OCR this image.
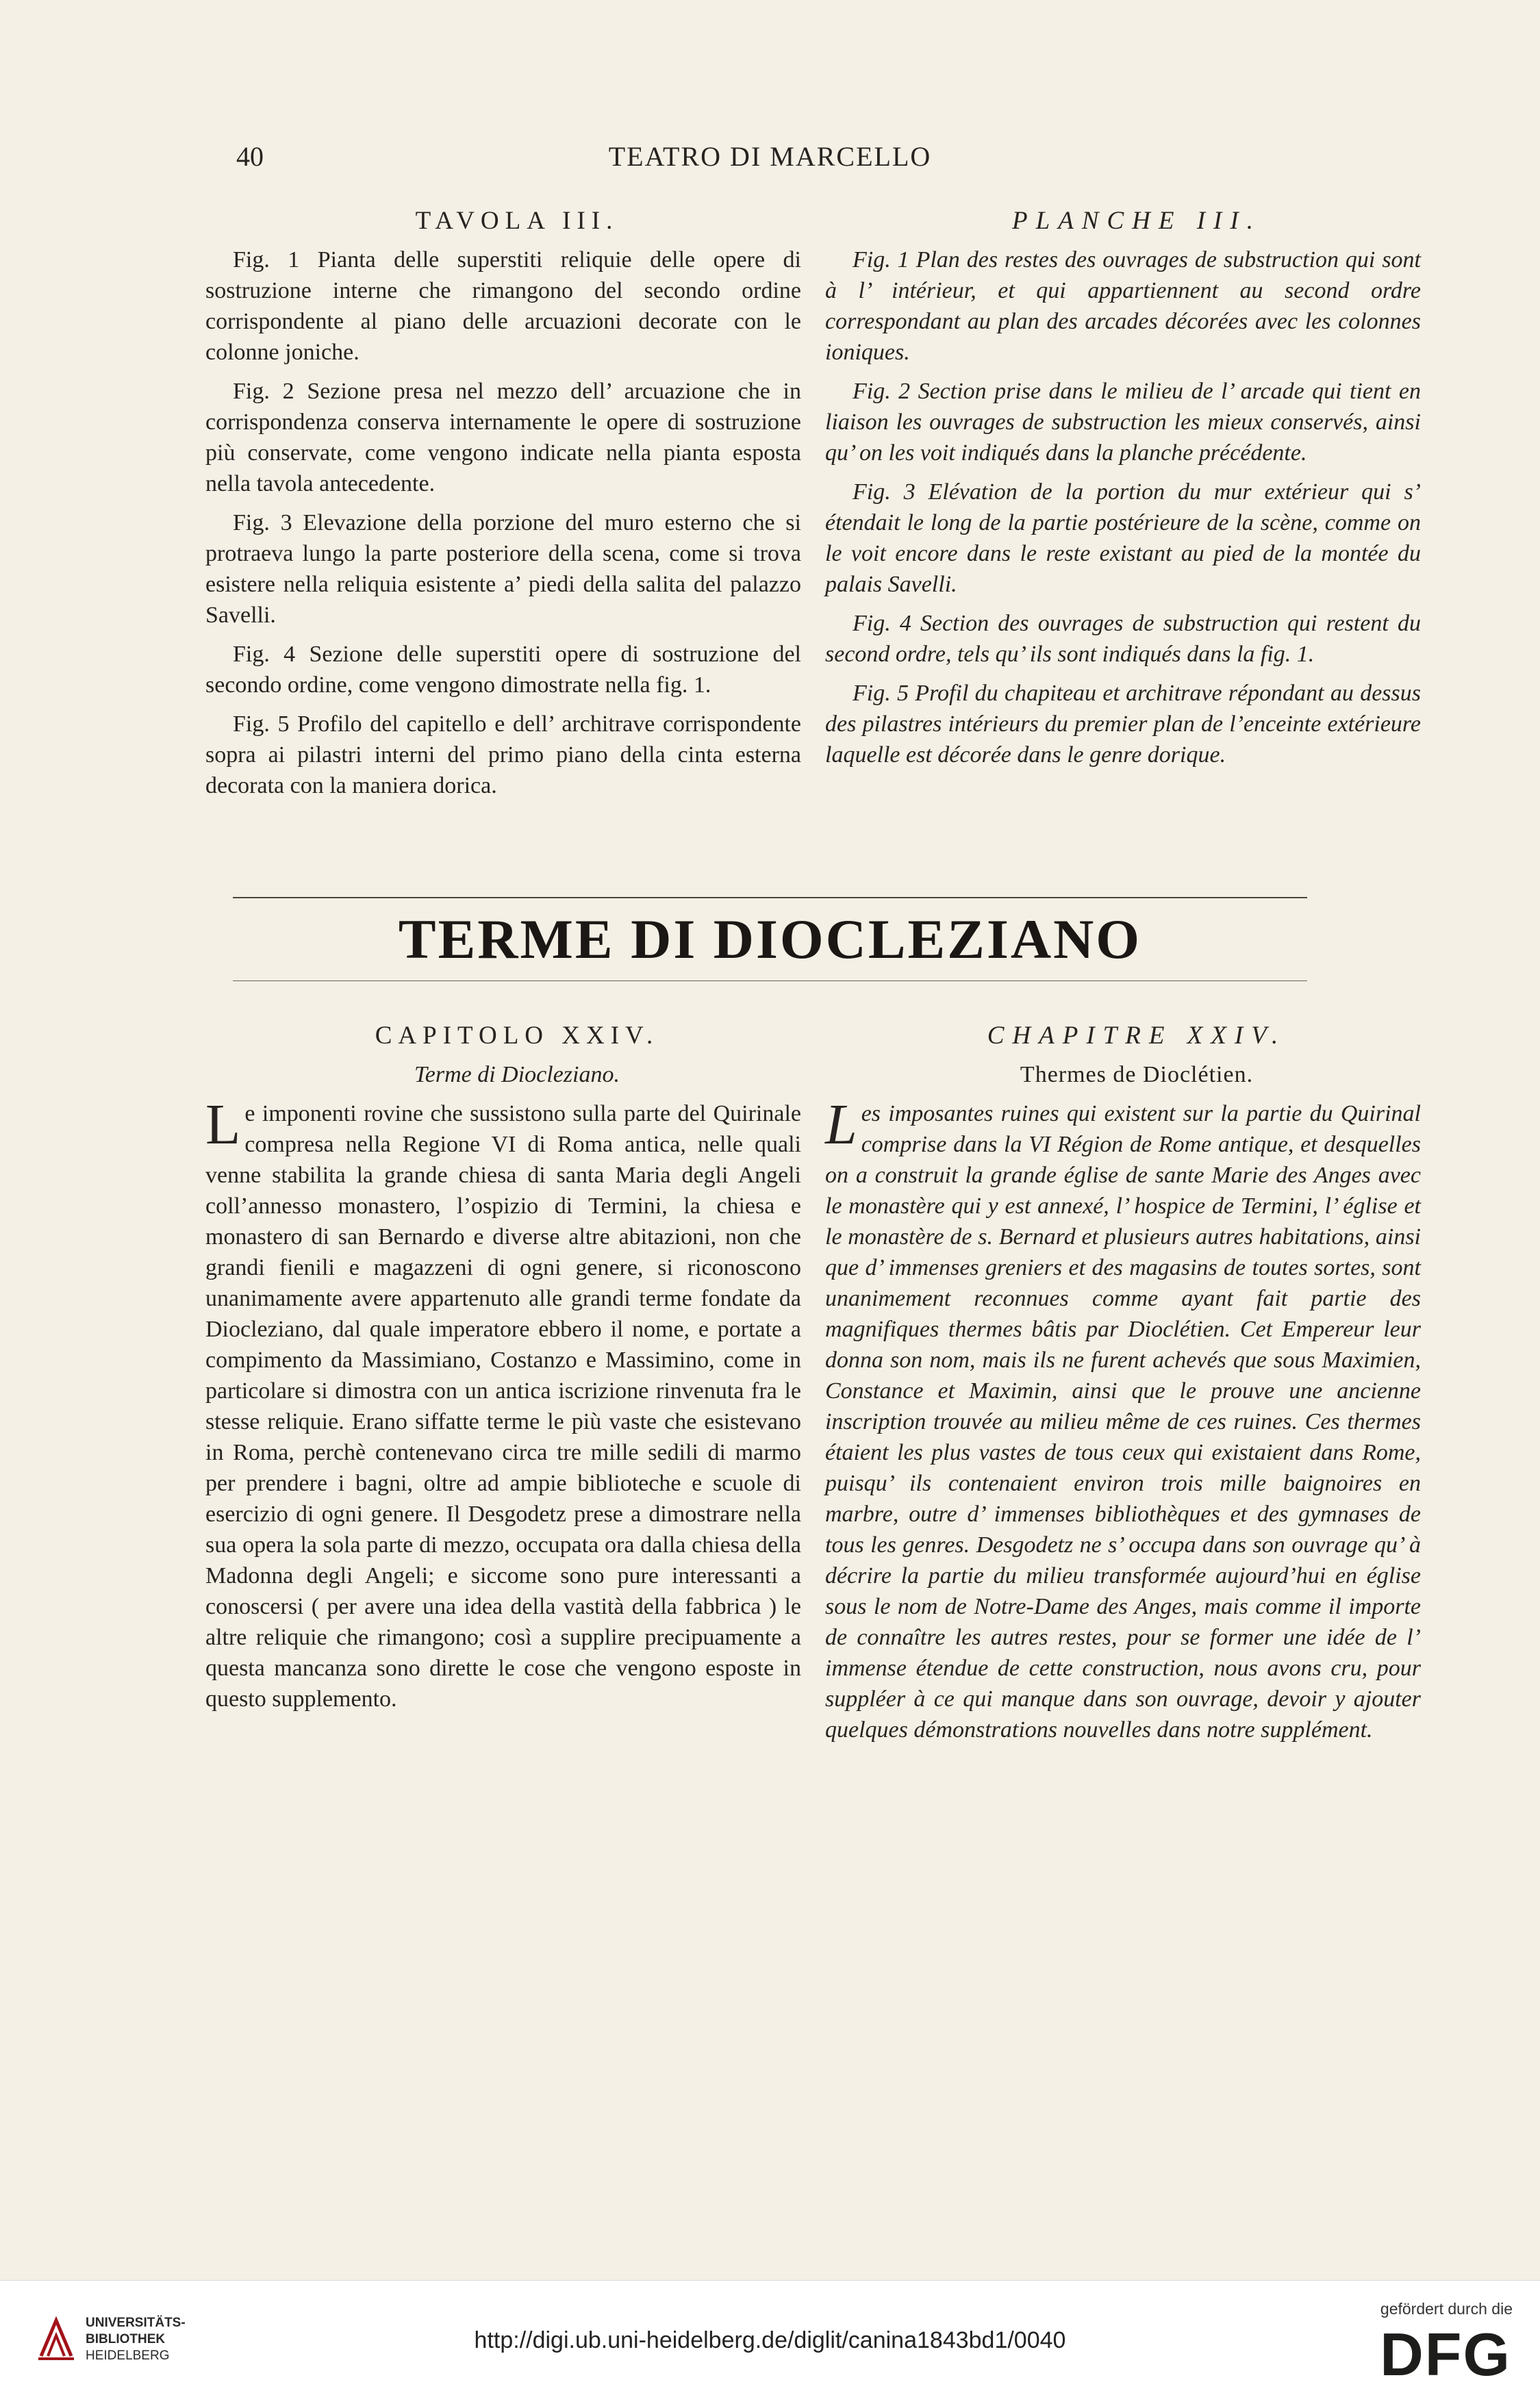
40	TEATRO DI MARCELLO

TAVOLA III.

Fig. 1 Pianta delle superstiti reliquie delle opere di sostruzione interne che rimangono del secondo ordine corrispondente al piano delle arcuazioni decorate con le colonne joniche.

Fig. 2 Sezione presa nel mezzo dell’ arcuazione che in corrispondenza conserva internamente le opere di sostruzione più conservate, come vengono indicate nella pianta esposta nella tavola antecedente.

Fig. 3 Elevazione della porzione del muro esterno che si protraeva lungo la parte posteriore della scena, come si trova esistere nella reliquia esistente a’ piedi della salita del palazzo Savelli.

Fig. 4 Sezione delle superstiti opere di sostruzione del secondo ordine, come vengono dimostrate nella fig. 1.

Fig. 5 Profilo del capitello e dell’ architrave corrispondente sopra ai pilastri interni del primo piano della cinta esterna decorata con la maniera dorica.

PLANCHE III.

Fig. 1 Plan des restes des ouvrages de substruction qui sont à l’ intérieur, et qui appartiennent au second ordre correspondant au plan des arcades décorées avec les colonnes ioniques.

Fig. 2 Section prise dans le milieu de l’ arcade qui tient en liaison les ouvrages de substruction les mieux conservés, ainsi qu’ on les voit indiqués dans la planche précédente.

Fig. 3 Elévation de la portion du mur extérieur qui s’ étendait le long de la partie postérieure de la scène, comme on le voit encore dans le reste existant au pied de la montée du palais Savelli.

Fig. 4 Section des ouvrages de substruction qui restent du second ordre, tels qu’ ils sont indiqués dans la fig. 1.

Fig. 5 Profil du chapiteau et architrave répondant au dessus des pilastres intérieurs du premier plan de l’enceinte extérieure laquelle est décorée dans le genre dorique.

TERME DI DIOCLEZIANO

CAPITOLO XXIV.

Terme di Diocleziano.

Le imponenti rovine che sussistono sulla parte del Quirinale compresa nella Regione VI di Roma antica, nelle quali venne stabilita la grande chiesa di santa Maria degli Angeli coll’annesso monastero, l’ospizio di Termini, la chiesa e monastero di san Bernardo e diverse altre abitazioni, non che grandi fienili e magazzeni di ogni genere, si riconoscono unanimamente avere appartenuto alle grandi terme fondate da Diocleziano, dal quale imperatore ebbero il nome, e portate a compimento da Massimiano, Costanzo e Massimino, come in particolare si dimostra con un antica iscrizione rinvenuta fra le stesse reliquie. Erano siffatte terme le più vaste che esistevano in Roma, perchè contenevano circa tre mille sedili di marmo per prendere i bagni, oltre ad ampie biblioteche e scuole di esercizio di ogni genere. Il Desgodetz prese a dimostrare nella sua opera la sola parte di mezzo, occupata ora dalla chiesa della Madonna degli Angeli; e siccome sono pure interessanti a conoscersi ( per avere una idea della vastità della fabbrica ) le altre reliquie che rimangono; così a supplire precipuamente a questa mancanza sono dirette le cose che vengono esposte in questo supplemento.

CHAPITRE XXIV.

Thermes de Dioclétien.

Les imposantes ruines qui existent sur la partie du Quirinal comprise dans la VI Région de Rome antique, et desquelles on a construit la grande église de sante Marie des Anges avec le monastère qui y est annexé, l’ hospice de Termini, l’ église et le monastère de s. Bernard et plusieurs autres habitations, ainsi que d’ immenses greniers et des magasins de toutes sortes, sont unanimement reconnues comme ayant fait partie des magnifiques thermes bâtis par Dioclétien. Cet Empereur leur donna son nom, mais ils ne furent achevés que sous Maximien, Constance et Maximin, ainsi que le prouve une ancienne inscription trouvée au milieu même de ces ruines. Ces thermes étaient les plus vastes de tous ceux qui existaient dans Rome, puisqu’ ils contenaient environ trois mille baignoires en marbre, outre d’ immenses bibliothèques et des gymnases de tous les genres. Desgodetz ne s’ occupa dans son ouvrage qu’ à décrire la partie du milieu transformée aujourd’hui en église sous le nom de Notre-Dame des Anges, mais comme il importe de connaître les autres restes, pour se former une idée de l’ immense étendue de cette construction, nous avons cru, pour suppléer à ce qui manque dans son ouvrage, devoir y ajouter quelques démonstrations nouvelles dans notre supplément.

UNIVERSITÄTS-
BIBLIOTHEK
HEIDELBERG
http://digi.ub.uni-heidelberg.de/diglit/canina1843bd1/0040
gefördert durch die
DFG
